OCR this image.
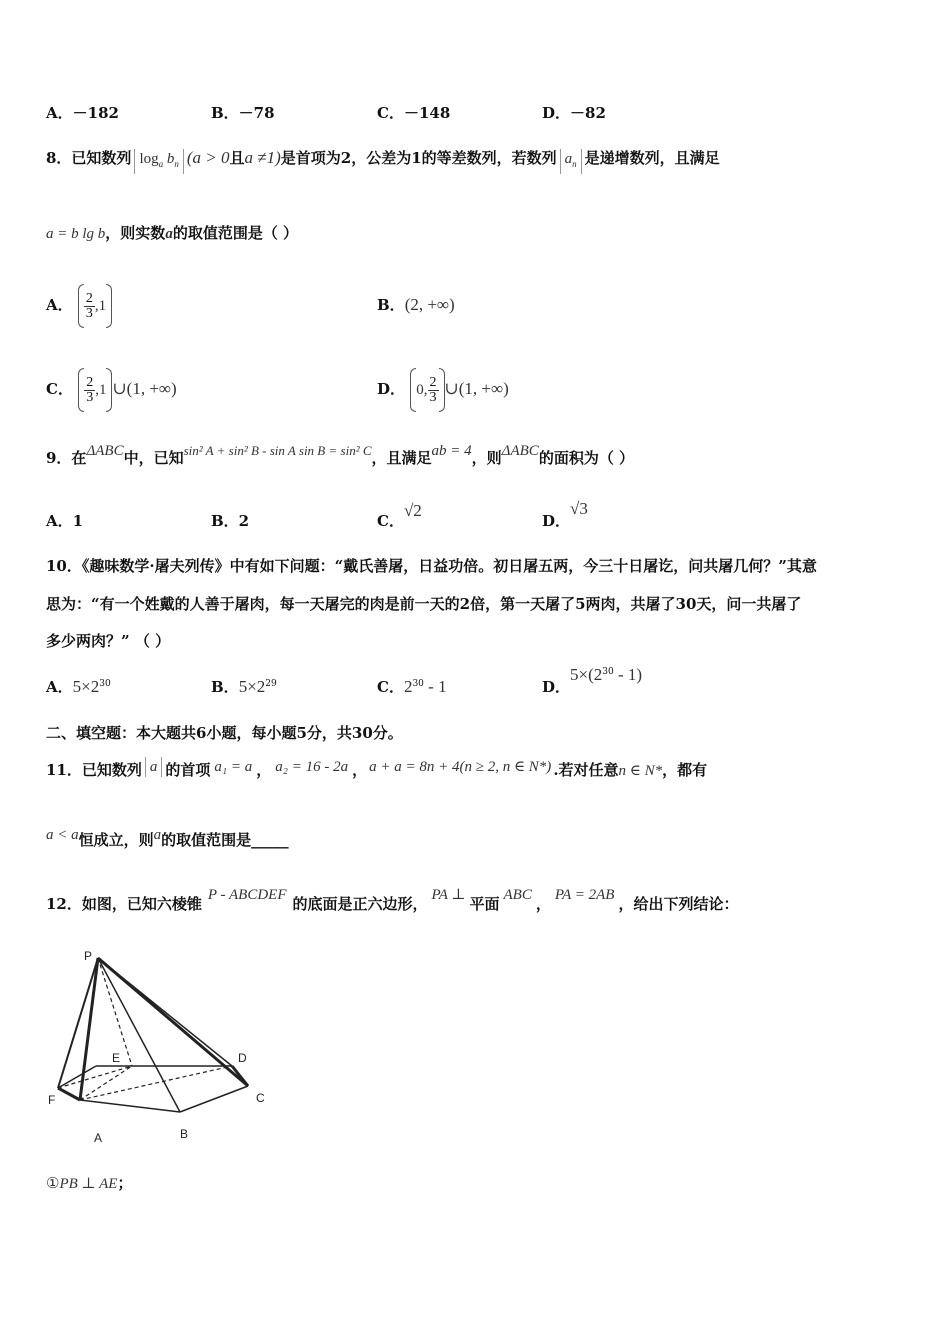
A．－182	B．－78	C．－148	D．－82
8．已知数列 $\log_a b_n$ (a > 0且a ≠1)是首项为2，公差为1的等差数列，若数列 $a_n$ 是递增数列，且满足
a = b lg b，则实数a的取值范围是（ ）
A． $\frac{2}{3} ,1$	B．(2, +∞)
C． $\frac{2}{3} ,1$ ∪(1, +∞)	D． 0, $\frac{2}{3}$ ∪(1, +∞)
9．在ΔABC中，已知sin² A + sin² B - sin A sin B = sin² C，且满足ab = 4，则ΔABC的面积为（ ）
A．1	B．2	C．√2
D．√3
10．《趣味数学·屠夫列传》中有如下问题：“戴氏善屠，日益功倍。初日屠五两，今三十日屠讫，问共屠几何？”其意
思为：“有一个姓戴的人善于屠肉，每一天屠完的肉是前一天的2倍，第一天屠了5两肉，共屠了30天，问一共屠了
多少两肉？” （ ）
A．$5\times 2^{30}$	B．$5\times 2^{29}$	C．$2^{30} - 1$	D．$5\times(2^{30} - 1)$
二、填空题：本大题共6小题，每小题5分，共30分。
11．已知数列 a 的首项 a₁ = a ， a₂ = 16 - 2a ， a + a = 8n + 4(n ≥ 2, n ∈ N*) .若对任意n ∈ N*，都有
a < a恒成立，则a的取值范围是_____
12．如图，已知六棱锥 P - ABCDEF 的底面是正六边形， PA ⊥ 平面 ABC ， PA = 2AB ，给出下列结论：
P
E	D
F	C
A	B
①PB ⊥ AE；
